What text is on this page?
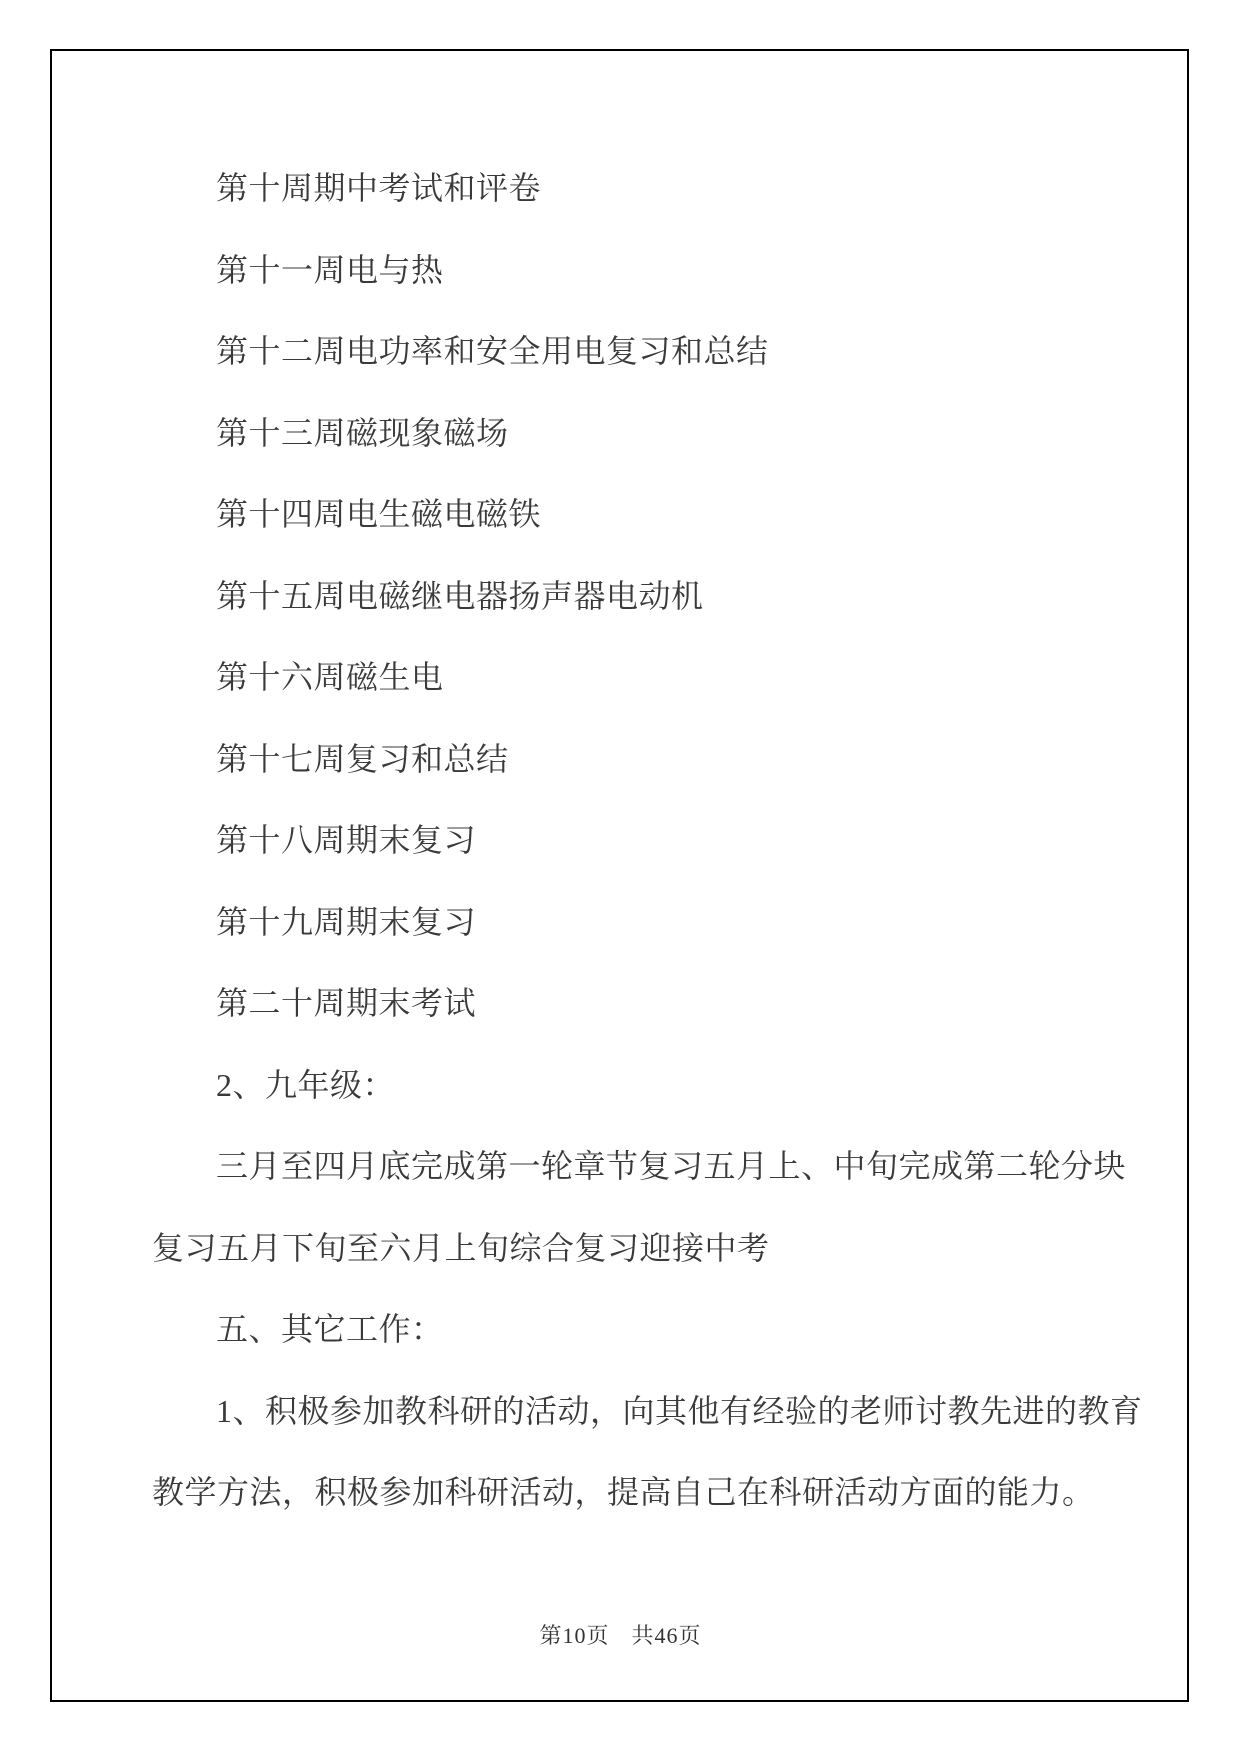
第十周期中考试和评卷
第十一周电与热
第十二周电功率和安全用电复习和总结
第十三周磁现象磁场
第十四周电生磁电磁铁
第十五周电磁继电器扬声器电动机
第十六周磁生电
第十七周复习和总结
第十八周期末复习
第十九周期末复习
第二十周期末考试
2、九年级：
三月至四月底完成第一轮章节复习五月上、中旬完成第二轮分块
复习五月下旬至六月上旬综合复习迎接中考
五、其它工作：
1、积极参加教科研的活动，向其他有经验的老师讨教先进的教育
教学方法，积极参加科研活动，提高自己在科研活动方面的能力。
第10页 共46页
